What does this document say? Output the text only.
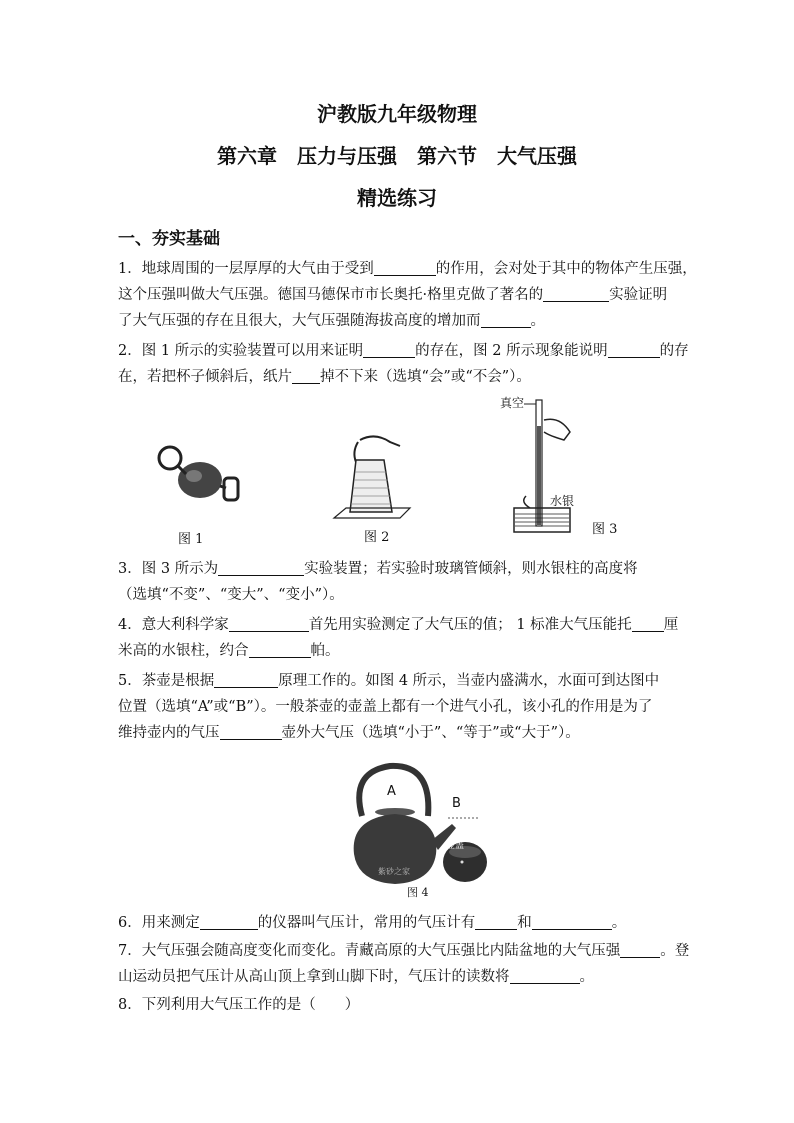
沪教版九年级物理
第六章　压力与压强　第六节　大气压强
精选练习
一、夯实基础
1．地球周围的一层厚厚的大气由于受到	的作用，会对处于其中的物体产生压强，
这个压强叫做大气压强。德国马德保市市长奥托·格里克做了著名的	实验证明
了大气压强的存在且很大，大气压强随海拔高度的增加而	。
2．图 1 所示的实验装置可以用来证明	的存在，图 2 所示现象能说明	的存
在，若把杯子倾斜后，纸片 掉不下来（选填“会”或“不会”）。
图 1	图 2
真空
水银
图 3
3．图 3 所示为	实验装置；若实验时玻璃管倾斜，则水银柱的高度将
（选填“不变”、“变大”、“变小”）。
4．意大利科学家	首先用实验测定了大气压的值； 1 标准大气压能托 厘
米高的水银柱，约合	帕。
5．茶壶是根据	原理工作的。如图 4 所示，当壶内盛满水，水面可到达图中
位置（选填“A”或“B”）。一般茶壶的壶盖上都有一个进气小孔，该小孔的作用是为了
维持壶内的气压	壶外大气压（选填“小于”、“等于”或“大于”）。
A
B
壶盖
紫砂之家
图 4
6．用来测定	的仪器叫气压计，常用的气压计有	和	。
7．大气压强会随高度变化而变化。青藏高原的大气压强比内陆盆地的大气压强	。登
山运动员把气压计从高山顶上拿到山脚下时，气压计的读数将	。
8．下列利用大气压工作的是（　　）
